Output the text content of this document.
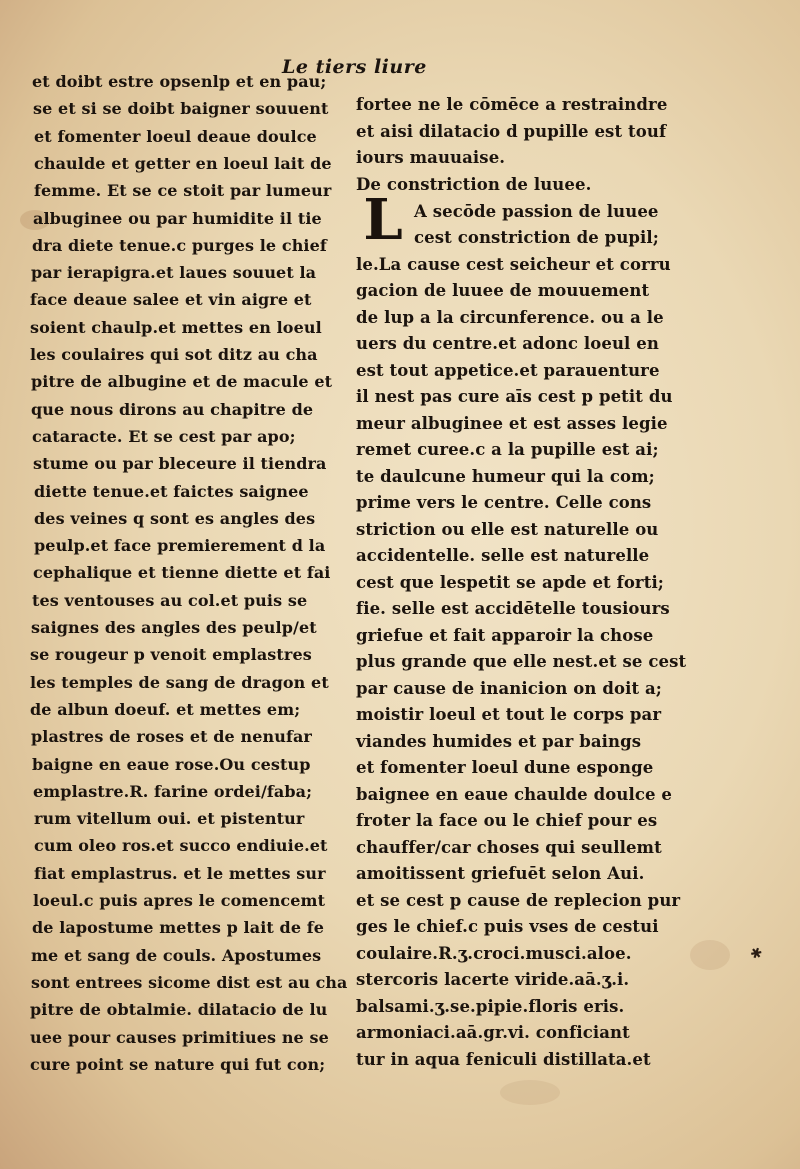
Le tiers liure
et doibt estre opsenlp et en pau;
se et si se doibt baigner souuent
et fomenter loeul deaue doulce
chaulde et getter en loeul lait de
femme. Et se ce stoit par lumeur
albuginee ou par humidite il tie
dra diete tenue.c purges le chief
par ierapigra.et laues souuet la
face deaue salee et vin aigre et
soient chaulp.et mettes en loeul
les coulaires qui sot ditz au cha
pitre de albugine et de macule et
que nous dirons au chapitre de
cataracte. Et se cest par apo;
stume ou par bleceure il tiendra
diette tenue.et faictes saignee
des veines q sont es angles des
peulp.et face premierement d la
cephalique et tienne diette et fai
tes ventouses au col.et puis se
saignes des angles des peulp/et
se rougeur p venoit emplastres
les temples de sang de dragon et
de albun doeuf. et mettes em;
plastres de roses et de nenufar
baigne en eaue rose.Ou cestup
emplastre.R. farine ordei/faba;
rum vitellum oui. et pistentur
cum oleo ros.et succo endiuie.et
fiat emplastrus. et le mettes sur
loeul.c puis apres le comencemt
de lapostume mettes p lait de fe
me et sang de couls. Apostumes
sont entrees sicome dist est au cha
pitre de obtalmie. dilatacio de lu
uee pour causes primitiues ne se
cure point se nature qui fut con;
fortee ne le cōmēce a restraindre
et aisi dilatacio d pupille est touf
iours mauuaise.
De constriction de luuee.
A secōde passion de luuee
cest constriction de pupil;
le.La cause cest seicheur et corru
gacion de luuee de mouuement
de lup a la circunference. ou a le
uers du centre.et adonc loeul en
est tout appetice.et parauenture
il nest pas cure aīs cest p petit du
meur albuginee et est asses legie
remet curee.c a la pupille est ai;
te daulcune humeur qui la com;
prime vers le centre. Celle cons
striction ou elle est naturelle ou
accidentelle. selle est naturelle
cest que lespetit se apde et forti;
fie. selle est accidētelle tousiours
griefue et fait apparoir la chose
plus grande que elle nest.et se cest
par cause de inanicion on doit a;
moistir loeul et tout le corps par
viandes humides et par baings
et fomenter loeul dune esponge
baignee en eaue chaulde doulce e
froter la face ou le chief pour es
chauffer/car choses qui seullemt
amoitissent griefuēt selon Aui.
et se cest p cause de replecion pur
ges le chief.c puis vses de cestui
coulaire.R.ʒ.croci.musci.aloe.
stercoris lacerte viride.aā.ʒ.i.
balsami.ʒ.se.pipie.floris eris.
armoniaci.aā.gr.vi. conficiant
tur in aqua feniculi distillata.et
L
✱
